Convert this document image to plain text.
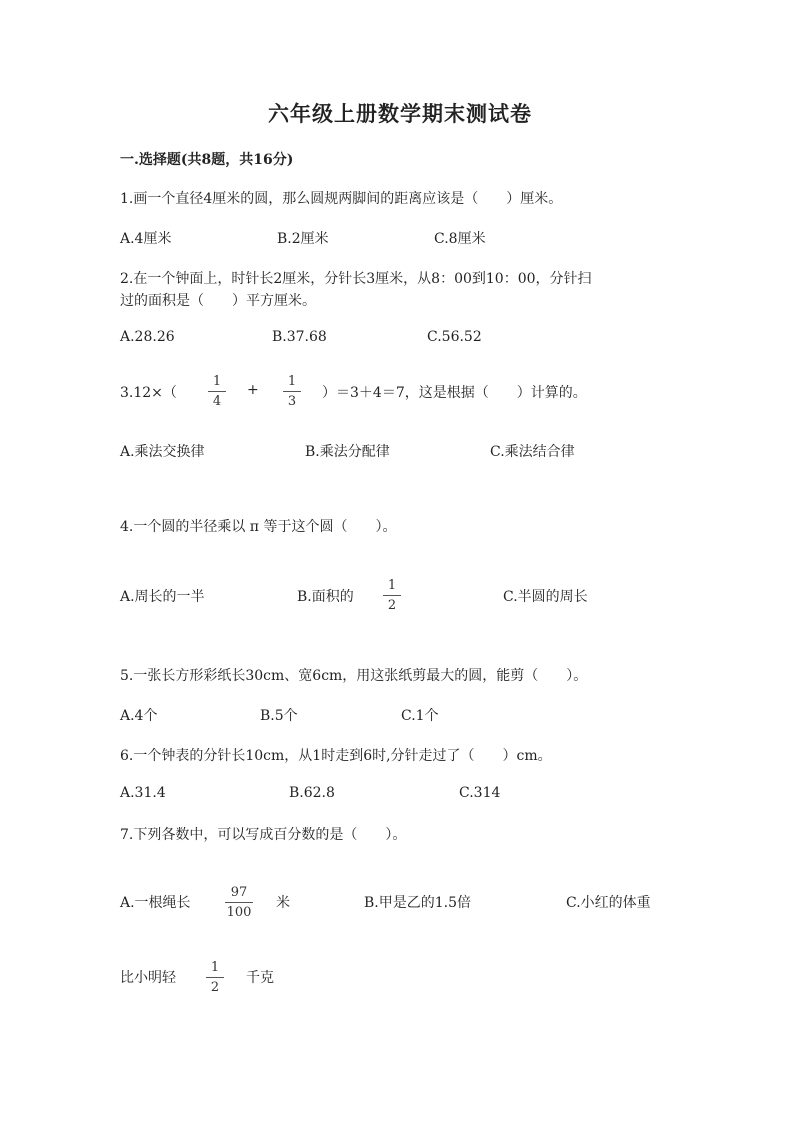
六年级上册数学期末测试卷
一.选择题(共8题，共16分)
1.画一个直径4厘米的圆，那么圆规两脚间的距离应该是（　　）厘米。
A.4厘米	B.2厘米	C.8厘米
2.在一个钟面上，时针长2厘米，分针长3厘米，从8：00到10：00，分针扫
过的面积是（　　）平方厘米。
A.28.26	B.37.68	C.56.52
3.12×（
1
4
+
1
3
）＝3＋4＝7，这是根据（　　）计算的。
A.乘法交换律	B.乘法分配律	C.乘法结合律
4.一个圆的半径乘以 π 等于这个圆（　　）。
A.周长的一半	B.面积的
1
2
C.半圆的周长
5.一张长方形彩纸长30cm、宽6cm，用这张纸剪最大的圆，能剪（　　）。
A.4个	B.5个	C.1个
6.一个钟表的分针长10cm，从1时走到6时,分针走过了（　　）cm。
A.31.4	B.62.8	C.314
7.下列各数中，可以写成百分数的是（　　）。
A.一根绳长
97
100
米	B.甲是乙的1.5倍	C.小红的体重
比小明轻
1
2
千克
